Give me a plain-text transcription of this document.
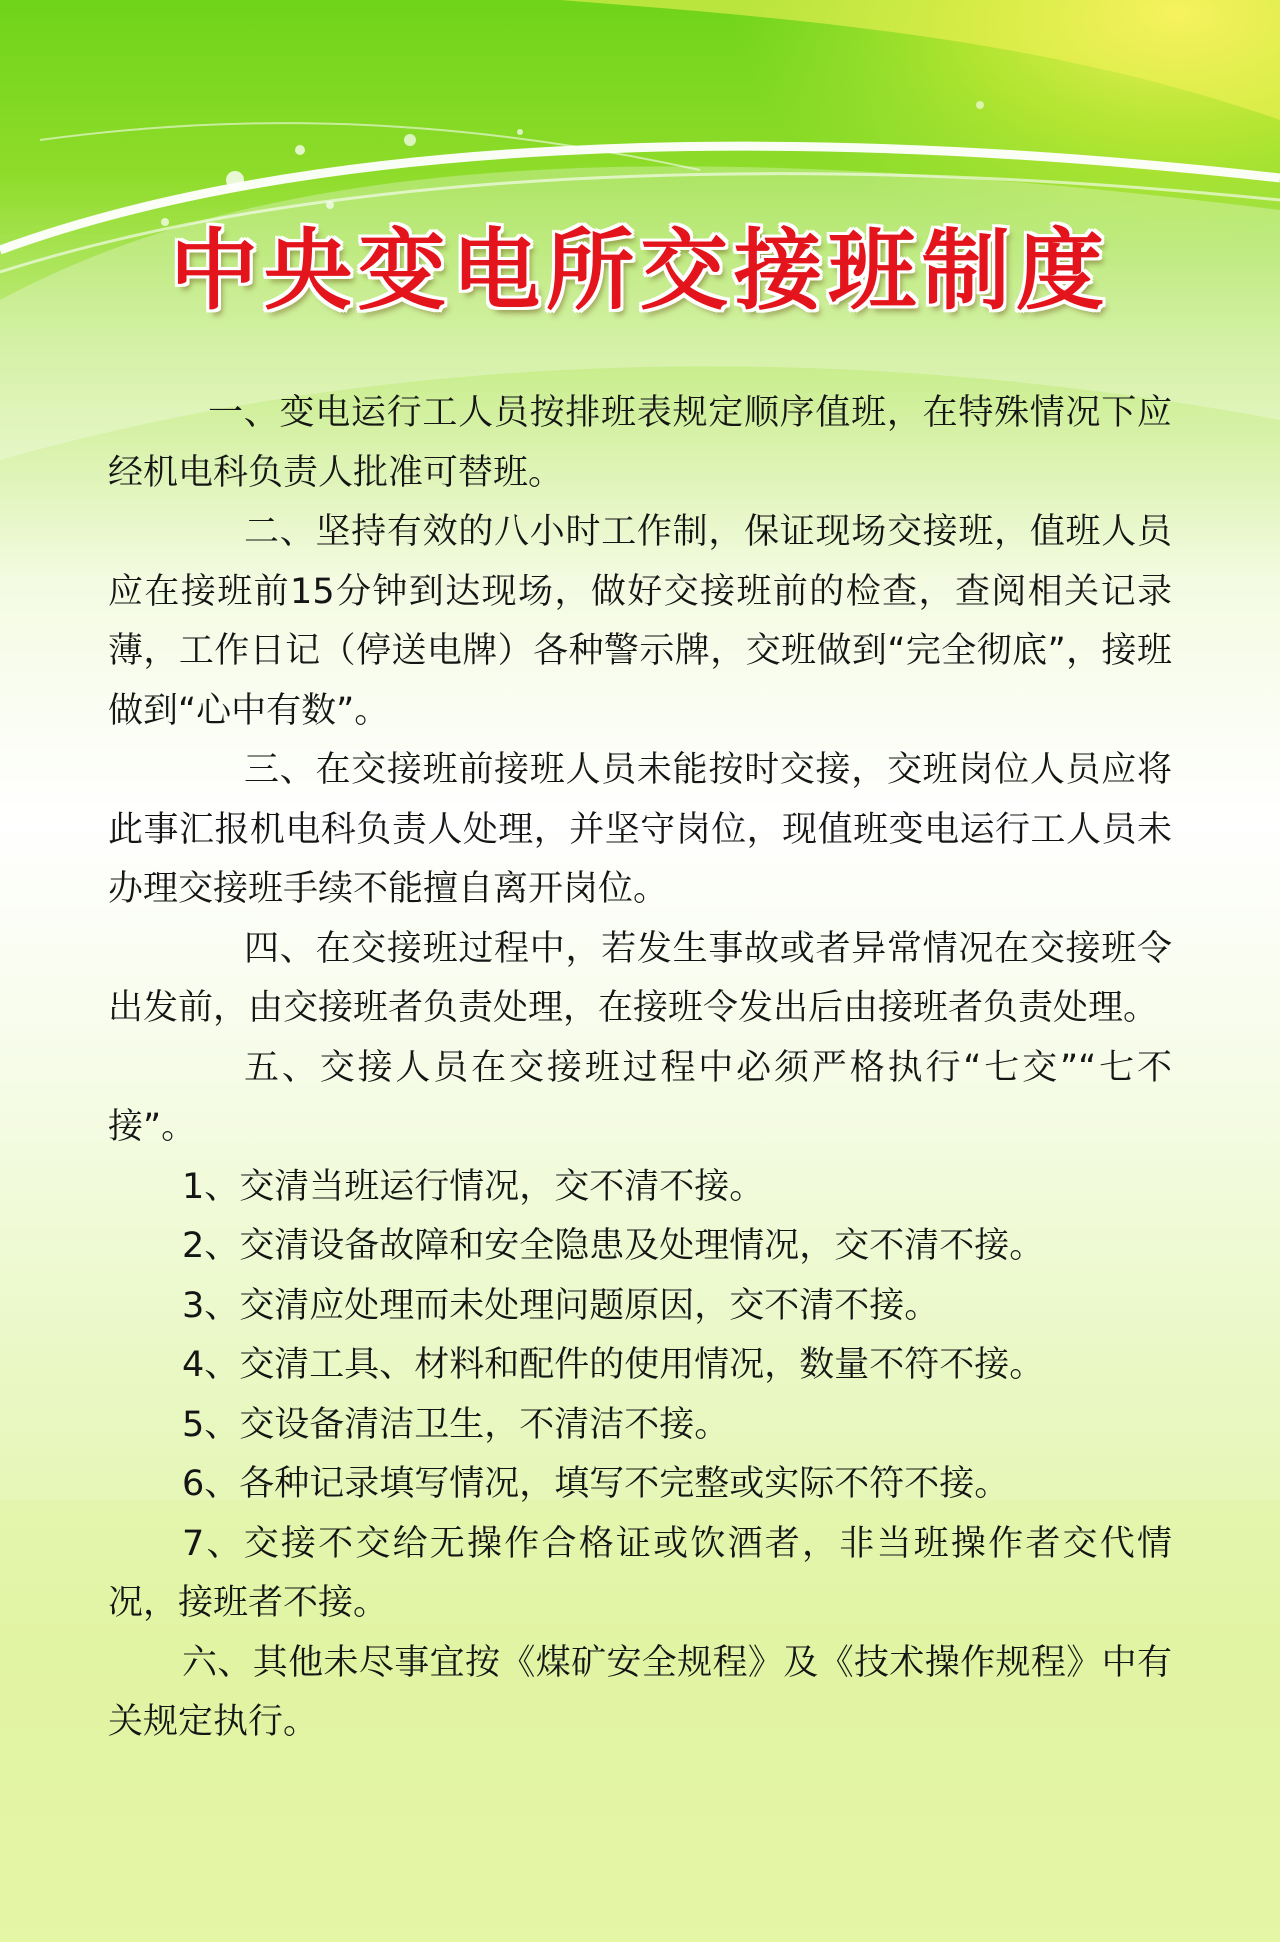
中央变电所交接班制度

一、变电运行工人员按排班表规定顺序值班，在特殊情况下应经机电科负责人批准可替班。

二、坚持有效的八小时工作制，保证现场交接班，值班人员应在接班前15分钟到达现场，做好交接班前的检查，查阅相关记录薄，工作日记（停送电牌）各种警示牌，交班做到“完全彻底”，接班做到“心中有数”。

三、在交接班前接班人员未能按时交接，交班岗位人员应将此事汇报机电科负责人处理，并坚守岗位，现值班变电运行工人员未办理交接班手续不能擅自离开岗位。

四、在交接班过程中，若发生事故或者异常情况在交接班令出发前，由交接班者负责处理，在接班令发出后由接班者负责处理。

五、交接人员在交接班过程中必须严格执行“七交”“七不接”。

1、交清当班运行情况，交不清不接。

2、交清设备故障和安全隐患及处理情况，交不清不接。

3、交清应处理而未处理问题原因，交不清不接。

4、交清工具、材料和配件的使用情况，数量不符不接。

5、交设备清洁卫生，不清洁不接。

6、各种记录填写情况，填写不完整或实际不符不接。

7、交接不交给无操作合格证或饮酒者，非当班操作者交代情况，接班者不接。

六、其他未尽事宜按《煤矿安全规程》及《技术操作规程》中有关规定执行。
